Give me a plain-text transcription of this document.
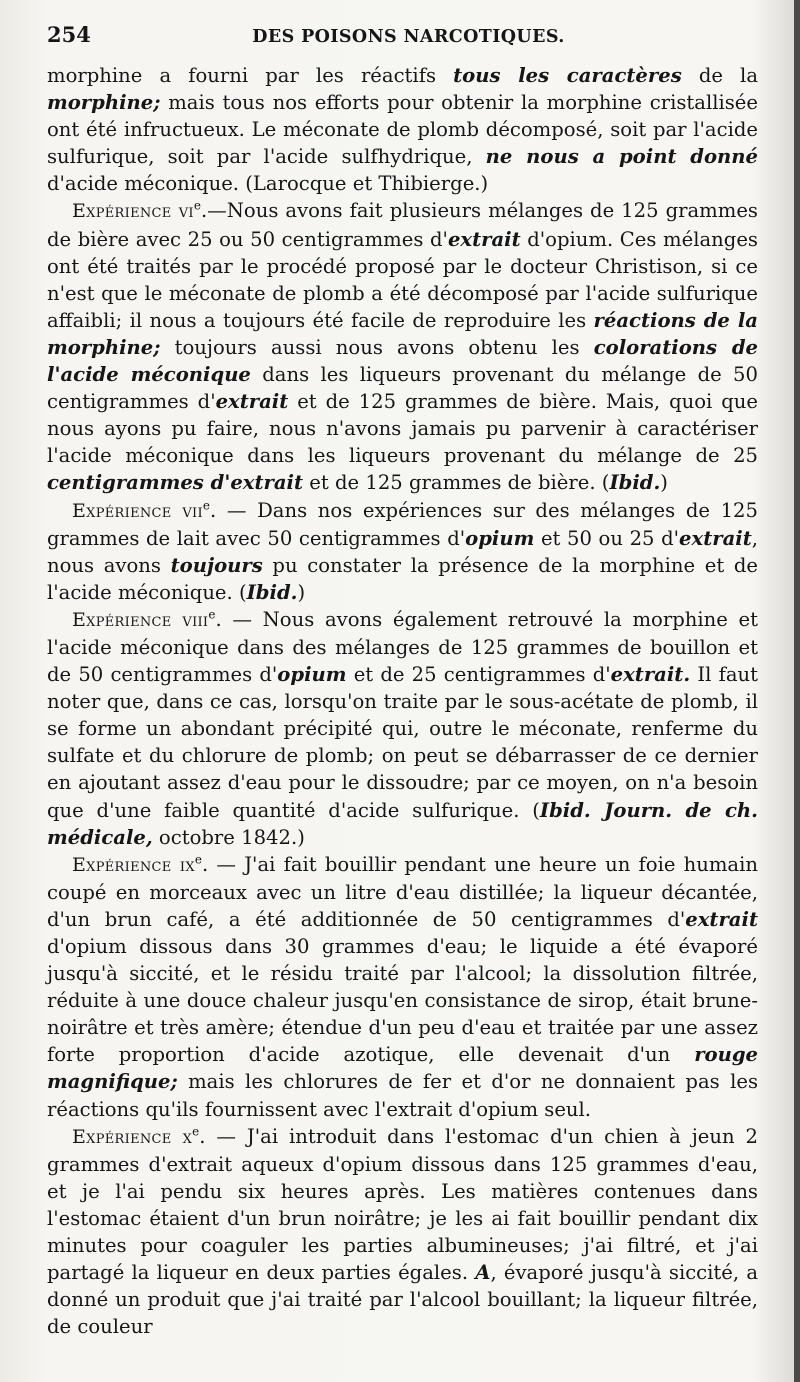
254	DES POISONS NARCOTIQUES.

morphine a fourni par les réactifs tous les caractères de la morphine; mais tous nos efforts pour obtenir la morphine cristallisée ont été infructueux. Le méconate de plomb décomposé, soit par l'acide sulfurique, soit par l'acide sulfhydrique, ne nous a point donné d'acide méconique. (Larocque et Thibierge.)

Expérience $vi^e.—Nous$ avons fait plusieurs mélanges de 125 grammes de bière avec 25 ou 50 centigrammes d'extrait d'opium. Ces mélanges ont été traités par le procédé proposé par le docteur Christison, si ce n'est que le méconate de plomb a été décomposé par l'acide sulfurique affaibli; il nous a toujours été facile de reproduire les réactions de la morphine; toujours aussi nous avons obtenu les colorations de l'acide méconique dans les liqueurs provenant du mélange de 50 centigrammes d'extrait et de 125 grammes de bière. Mais, quoi que nous ayons pu faire, nous n'avons jamais pu parvenir à caractériser l'acide méconique dans les liqueurs provenant du mélange de 25 centigrammes d'extrait et de 125 grammes de bière. (Ibid.)

Expérience vii$^e$. — Dans nos expériences sur des mélanges de 125 grammes de lait avec 50 centigrammes d'opium et 50 ou 25 d'extrait, nous avons toujours pu constater la présence de la morphine et de l'acide méconique. (Ibid.)

Expérience viii$^e$. — Nous avons également retrouvé la morphine et l'acide méconique dans des mélanges de 125 grammes de bouillon et de 50 centigrammes d'opium et de 25 centigrammes d'extrait. Il faut noter que, dans ce cas, lorsqu'on traite par le sous-acétate de plomb, il se forme un abondant précipité qui, outre le méconate, renferme du sulfate et du chlorure de plomb; on peut se débarrasser de ce dernier en ajoutant assez d'eau pour le dissoudre; par ce moyen, on n'a besoin que d'une faible quantité d'acide sulfurique. (Ibid. Journ. de ch. médicale, octobre 1842.)

Expérience $ix^e$. — J'ai fait bouillir pendant une heure un foie humain coupé en morceaux avec un litre d'eau distillée; la liqueur décantée, d'un brun café, a été additionnée de 50 centigrammes d'extrait d'opium dissous dans 30 grammes d'eau; le liquide a été évaporé jusqu'à siccité, et le résidu traité par l'alcool; la dissolution filtrée, réduite à une douce chaleur jusqu'en consistance de sirop, était brune-noirâtre et très amère; étendue d'un peu d'eau et traitée par une assez forte proportion d'acide azotique, elle devenait d'un rouge magnifique; mais les chlorures de fer et d'or ne donnaient pas les réactions qu'ils fournissent avec l'extrait d'opium seul.

Expérience $x^e$. — J'ai introduit dans l'estomac d'un chien à jeun 2 grammes d'extrait aqueux d'opium dissous dans 125 grammes d'eau, et je l'ai pendu six heures après. Les matières contenues dans l'estomac étaient d'un brun noirâtre; je les ai fait bouillir pendant dix minutes pour coaguler les parties albumineuses; j'ai filtré, et j'ai partagé la liqueur en deux parties égales. A, évaporé jusqu'à siccité, a donné un produit que j'ai traité par l'alcool bouillant; la liqueur filtrée, de couleur
